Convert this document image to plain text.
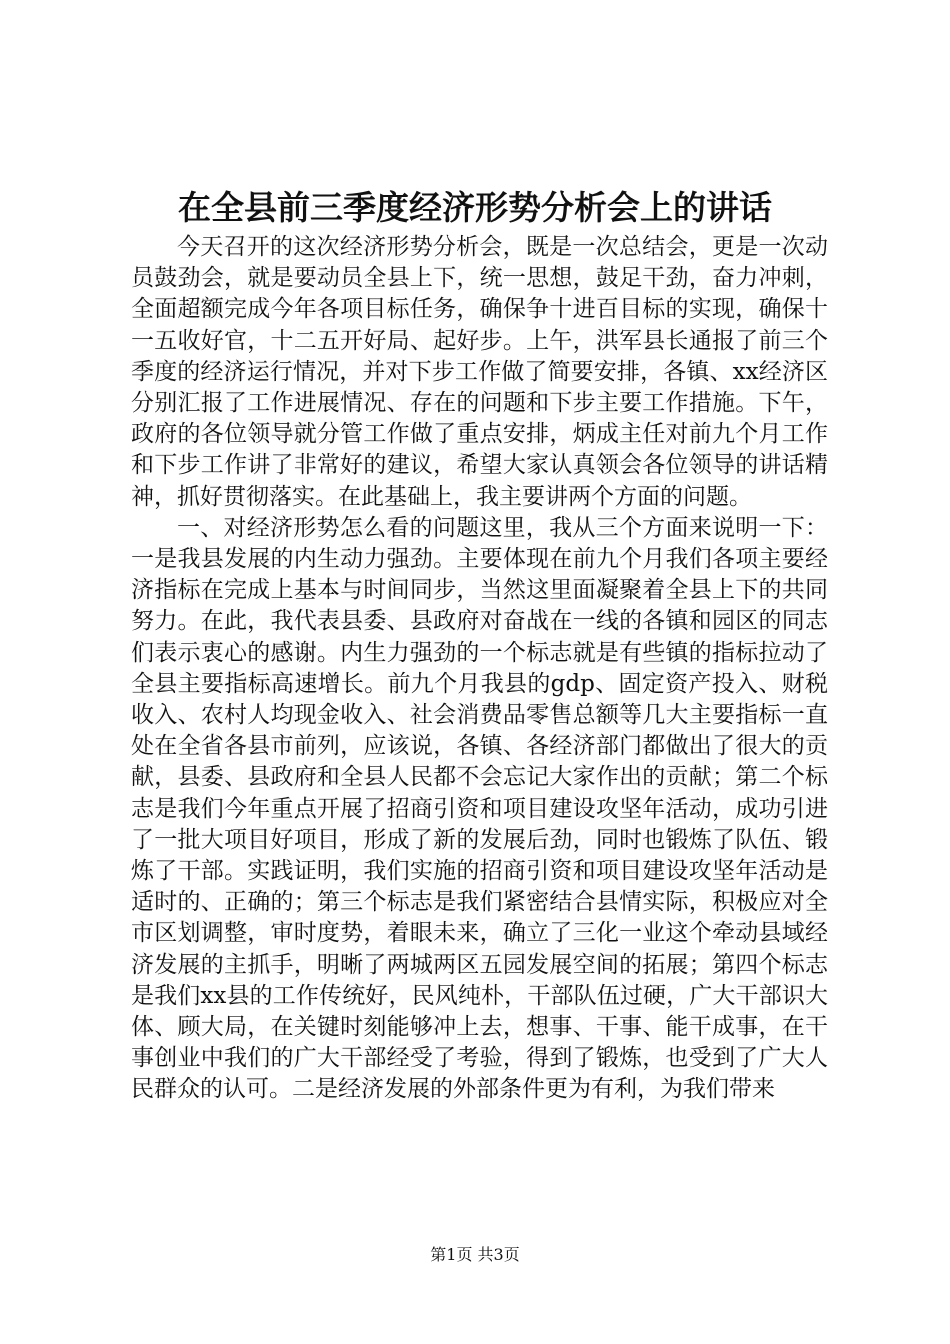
在全县前三季度经济形势分析会上的讲话

今天召开的这次经济形势分析会，既是一次总结会，更是一次动员鼓劲会，就是要动员全县上下，统一思想，鼓足干劲，奋力冲刺，全面超额完成今年各项目标任务，确保争十进百目标的实现，确保十一五收好官，十二五开好局、起好步。上午，洪军县长通报了前三个季度的经济运行情况，并对下步工作做了简要安排，各镇、xx经济区分别汇报了工作进展情况、存在的问题和下步主要工作措施。下午，政府的各位领导就分管工作做了重点安排，炳成主任对前九个月工作和下步工作讲了非常好的建议，希望大家认真领会各位领导的讲话精神，抓好贯彻落实。在此基础上，我主要讲两个方面的问题。

一、对经济形势怎么看的问题这里，我从三个方面来说明一下：一是我县发展的内生动力强劲。主要体现在前九个月我们各项主要经济指标在完成上基本与时间同步，当然这里面凝聚着全县上下的共同努力。在此，我代表县委、县政府对奋战在一线的各镇和园区的同志们表示衷心的感谢。内生力强劲的一个标志就是有些镇的指标拉动了全县主要指标高速增长。前九个月我县的gdp、固定资产投入、财税收入、农村人均现金收入、社会消费品零售总额等几大主要指标一直处在全省各县市前列，应该说，各镇、各经济部门都做出了很大的贡献，县委、县政府和全县人民都不会忘记大家作出的贡献；第二个标志是我们今年重点开展了招商引资和项目建设攻坚年活动，成功引进了一批大项目好项目，形成了新的发展后劲，同时也锻炼了队伍、锻炼了干部。实践证明，我们实施的招商引资和项目建设攻坚年活动是适时的、正确的；第三个标志是我们紧密结合县情实际，积极应对全市区划调整，审时度势，着眼未来，确立了三化一业这个牵动县域经济发展的主抓手，明晰了两城两区五园发展空间的拓展；第四个标志是我们xx县的工作传统好，民风纯朴，干部队伍过硬，广大干部识大体、顾大局，在关键时刻能够冲上去，想事、干事、能干成事，在干事创业中我们的广大干部经受了考验，得到了锻炼，也受到了广大人民群众的认可。二是经济发展的外部条件更为有利，为我们带来

第1页 共3页
